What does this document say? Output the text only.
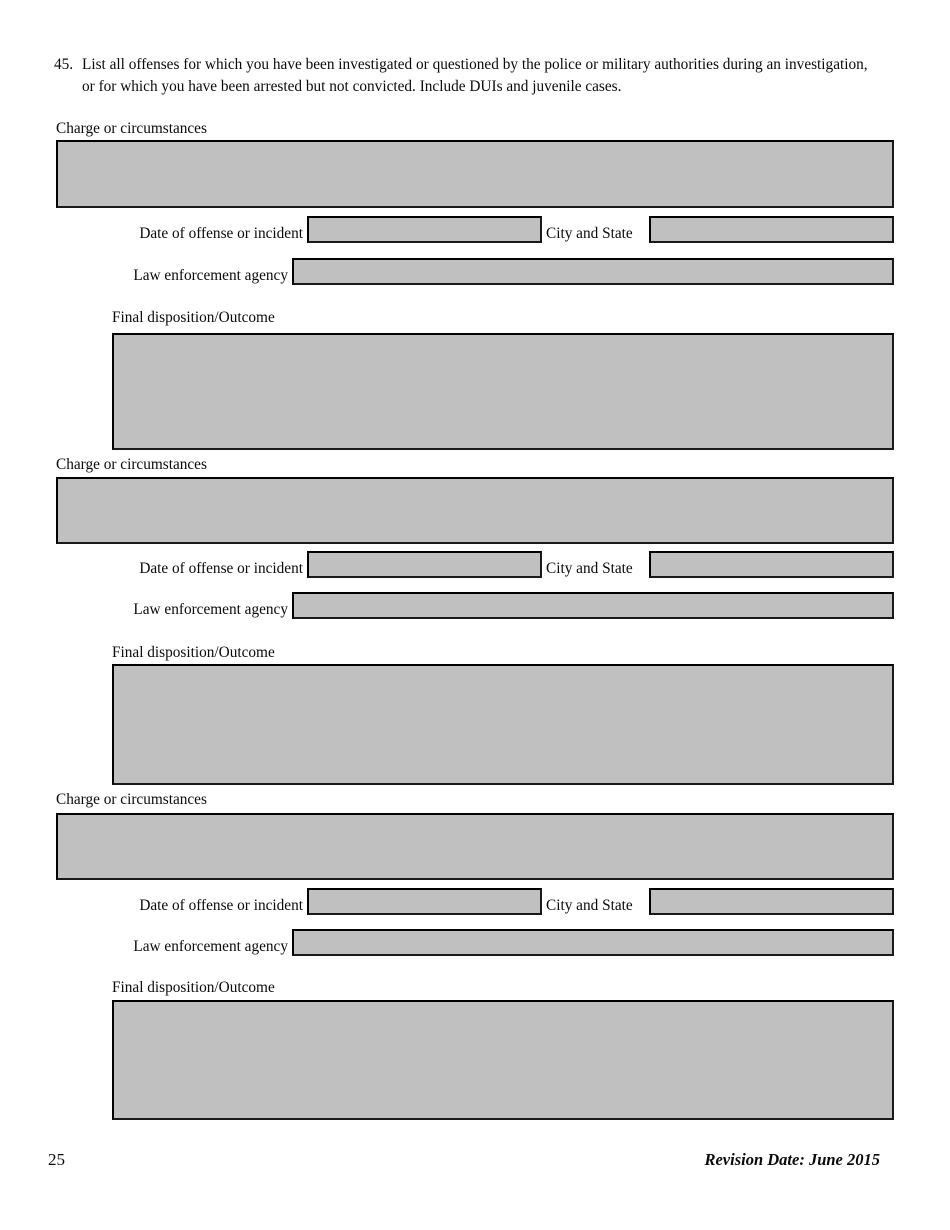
45. List all offenses for which you have been investigated or questioned by the police or military authorities during an investigation, or for which you have been arrested but not convicted. Include DUIs and juvenile cases.
Charge or circumstances
Date of offense or incident	City and State
Law enforcement agency
Final disposition/Outcome
Charge or circumstances
Date of offense or incident	City and State
Law enforcement agency
Final disposition/Outcome
Charge or circumstances
Date of offense or incident	City and State
Law enforcement agency
Final disposition/Outcome
25	Revision Date: June 2015
